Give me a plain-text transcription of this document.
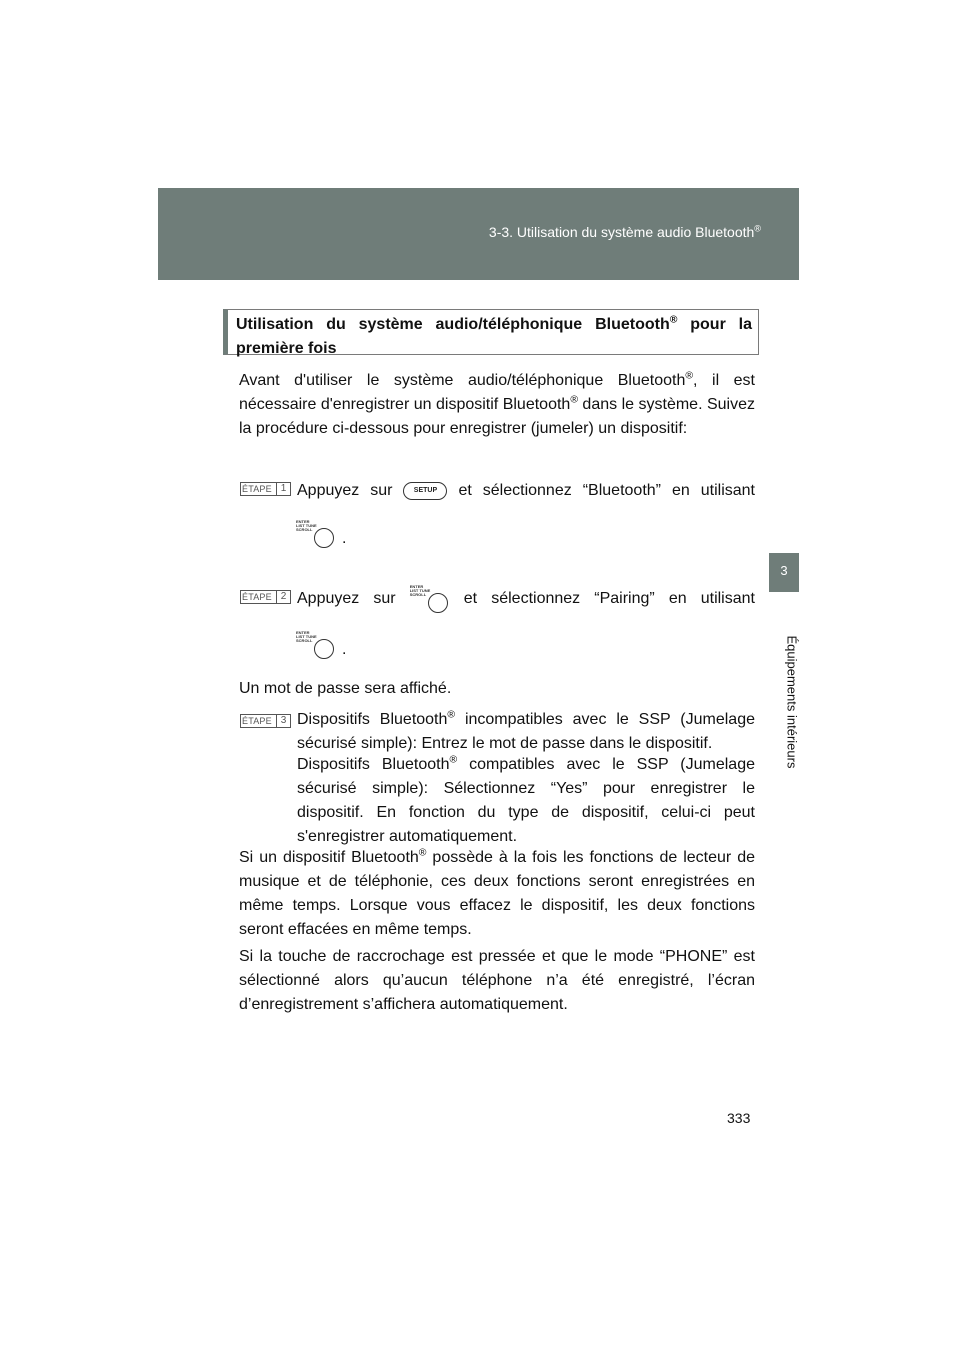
3-3. Utilisation du système audio Bluetooth®
3
Équipements intérieurs
Utilisation du système audio/téléphonique Bluetooth® pour la première fois
Avant d'utiliser le système audio/téléphonique Bluetooth®, il est nécessaire d'enregistrer un dispositif Bluetooth® dans le système. Suivez la procédure ci-dessous pour enregistrer (jumeler) un dispositif:
ÉTAPE 1 Appuyez sur	SETUP	et sélectionnez “Bluetooth” en utilisant
ENTER LIST TUNE SCROLL
.
ÉTAPE 2 Appuyez sur
ENTER LIST TUNE SCROLL	et sélectionnez “Pairing” en utilisant
ENTER LIST TUNE SCROLL
.
Un mot de passe sera affiché.
ÉTAPE 3 Dispositifs Bluetooth® incompatibles avec le SSP (Jumelage sécurisé simple): Entrez le mot de passe dans le dispositif.
Dispositifs Bluetooth® compatibles avec le SSP (Jumelage sécurisé simple): Sélectionnez “Yes” pour enregistrer le dispositif. En fonction du type de dispositif, celui-ci peut s'enregistrer automatiquement.
Si un dispositif Bluetooth® possède à la fois les fonctions de lecteur de musique et de téléphonie, ces deux fonctions seront enregistrées en même temps. Lorsque vous effacez le dispositif, les deux fonctions seront effacées en même temps.
Si la touche de raccrochage est pressée et que le mode “PHONE” est sélectionné alors qu’aucun téléphone n’a été enregistré, l’écran d’enregistrement s’affichera automatiquement.
333
